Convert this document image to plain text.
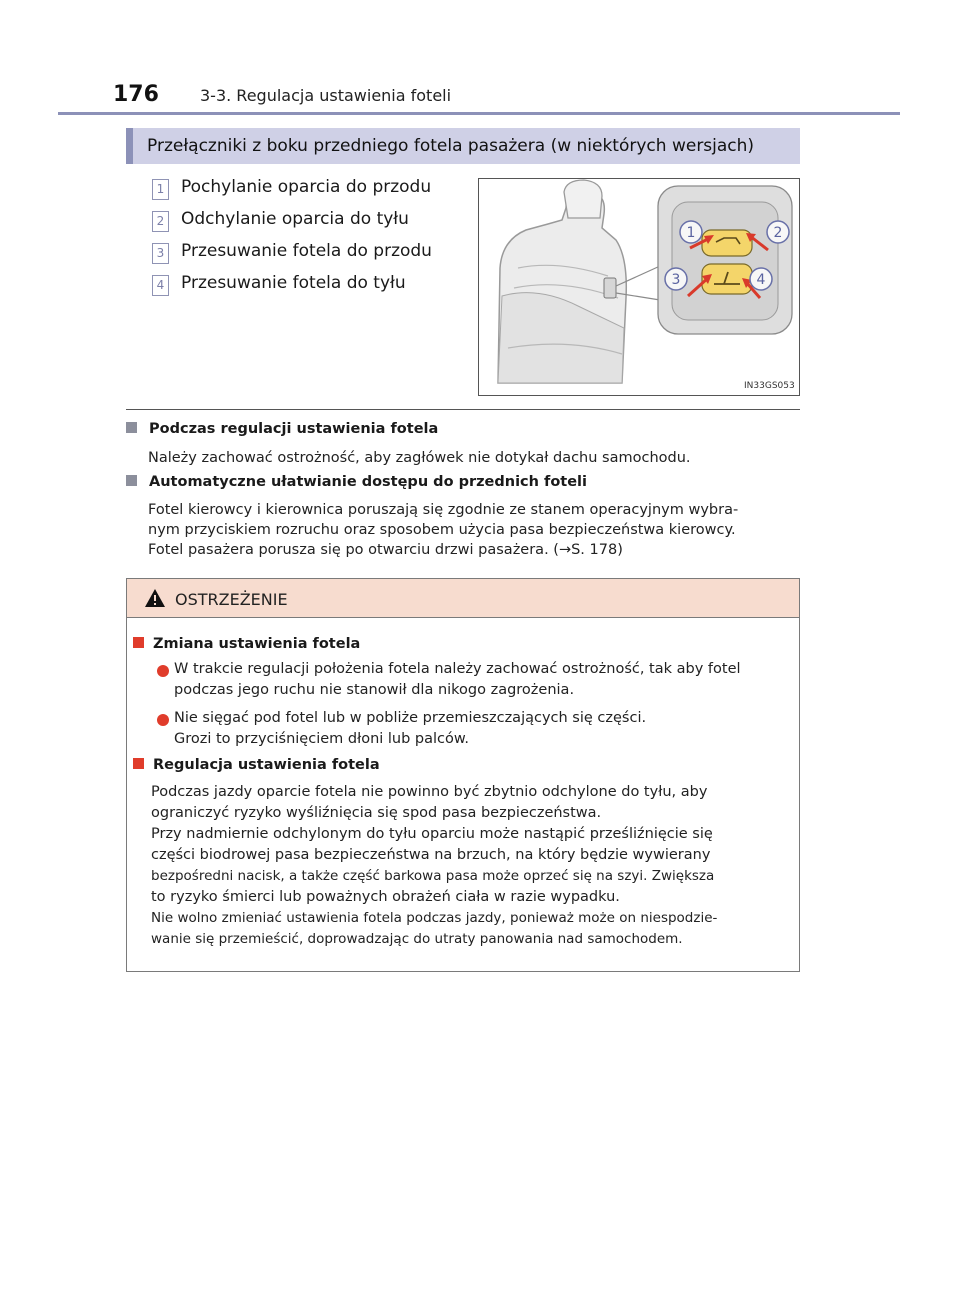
176	3-3. Regulacja ustawienia foteli
Przełączniki z boku przedniego fotela pasażera (w niektórych wersjach)
1 Pochylanie oparcia do przodu
2 Odchylanie oparcia do tyłu
3 Przesuwanie fotela do przodu
4 Przesuwanie fotela do tyłu
1	2
3	4
IN33GS053
Podczas regulacji ustawienia fotela
Należy zachować ostrożność, aby zagłówek nie dotykał dachu samochodu.
Automatyczne ułatwianie dostępu do przednich foteli
Fotel kierowcy i kierownica poruszają się zgodnie ze stanem operacyjnym wybra-
nym przyciskiem rozruchu oraz sposobem użycia pasa bezpieczeństwa kierowcy.
Fotel pasażera porusza się po otwarciu drzwi pasażera. (→S. 178)
OSTRZEŻENIE
Zmiana ustawienia fotela
W trakcie regulacji położenia fotela należy zachować ostrożność, tak aby fotel
podczas jego ruchu nie stanowił dla nikogo zagrożenia.
Nie sięgać pod fotel lub w pobliże przemieszczających się części.
Grozi to przyciśnięciem dłoni lub palców.
Regulacja ustawienia fotela
Podczas jazdy oparcie fotela nie powinno być zbytnio odchylone do tyłu, aby
ograniczyć ryzyko wyśliźnięcia się spod pasa bezpieczeństwa.
Przy nadmiernie odchylonym do tyłu oparciu może nastąpić prześliźnięcie się
części biodrowej pasa bezpieczeństwa na brzuch, na który będzie wywierany
bezpośredni nacisk, a także część barkowa pasa może oprzeć się na szyi. Zwiększa
to ryzyko śmierci lub poważnych obrażeń ciała w razie wypadku.
Nie wolno zmieniać ustawienia fotela podczas jazdy, ponieważ może on niespodzie-
wanie się przemieścić, doprowadzając do utraty panowania nad samochodem.
